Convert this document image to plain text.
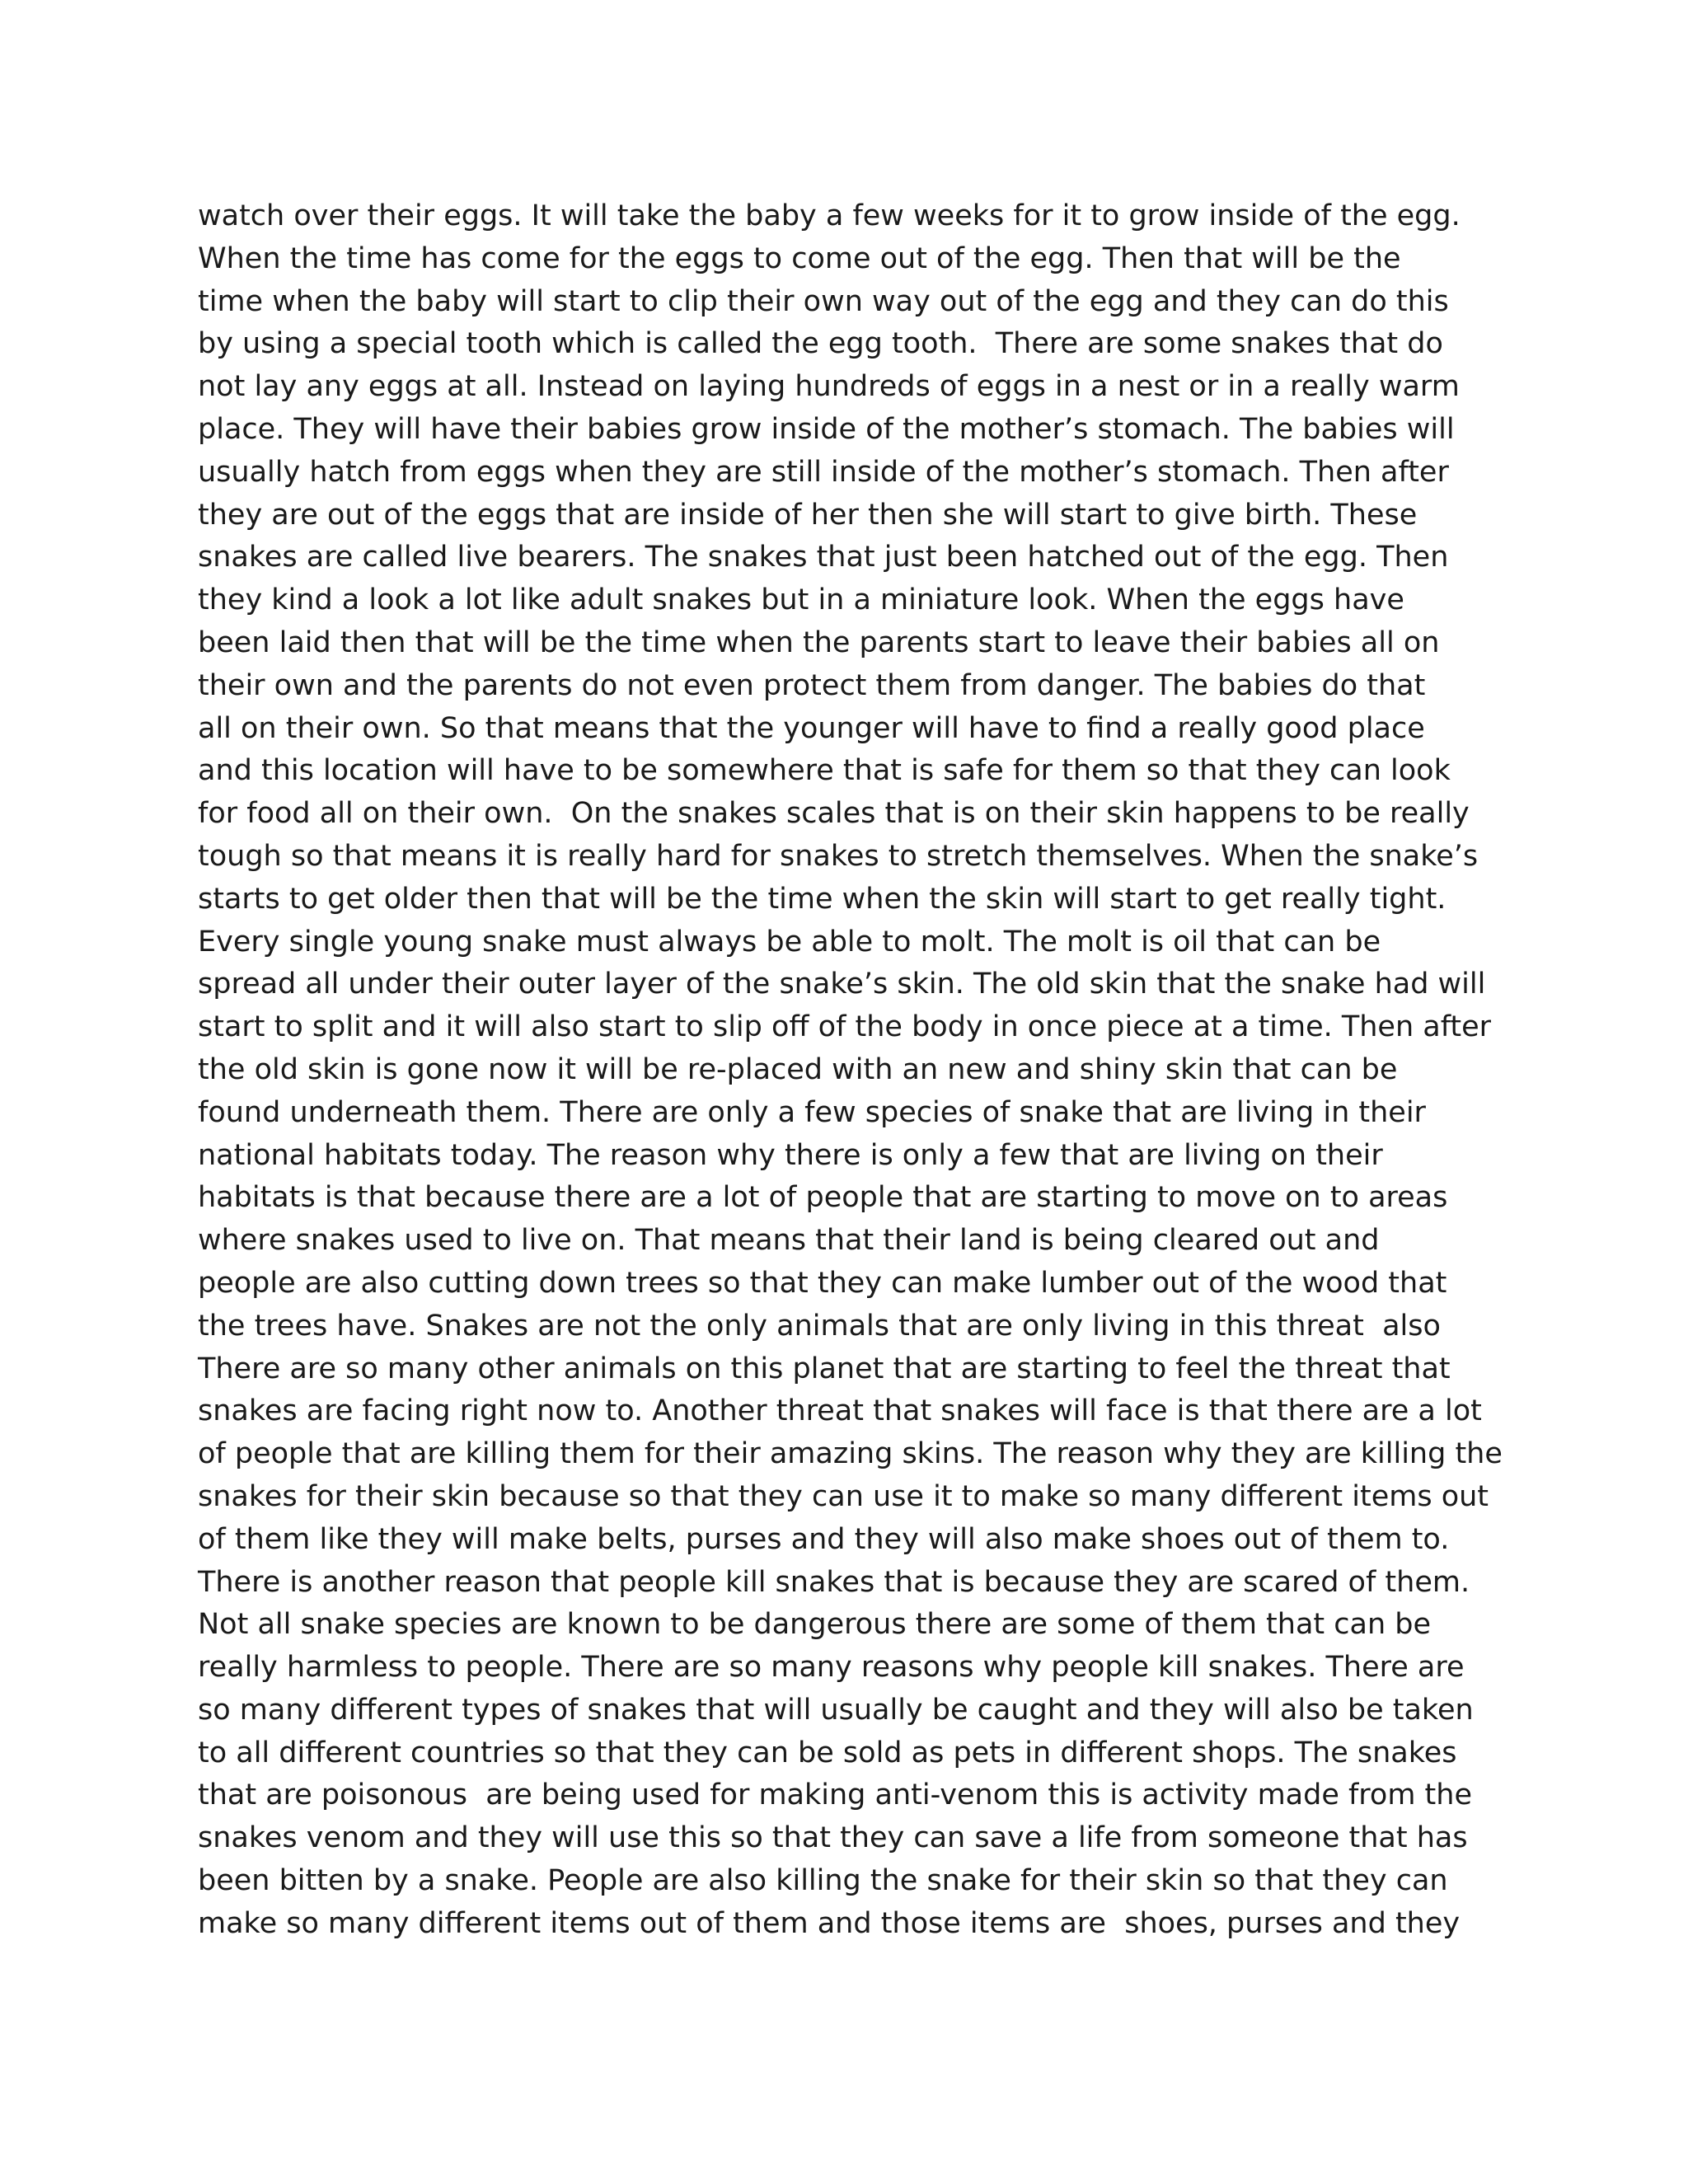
watch over their eggs. It will take the baby a few weeks for it to grow inside of the egg.
When the time has come for the eggs to come out of the egg. Then that will be the
time when the baby will start to clip their own way out of the egg and they can do this
by using a special tooth which is called the egg tooth.  There are some snakes that do
not lay any eggs at all. Instead on laying hundreds of eggs in a nest or in a really warm
place. They will have their babies grow inside of the mother’s stomach. The babies will
usually hatch from eggs when they are still inside of the mother’s stomach. Then after
they are out of the eggs that are inside of her then she will start to give birth. These
snakes are called live bearers. The snakes that just been hatched out of the egg. Then
they kind a look a lot like adult snakes but in a miniature look. When the eggs have
been laid then that will be the time when the parents start to leave their babies all on
their own and the parents do not even protect them from danger. The babies do that
all on their own. So that means that the younger will have to find a really good place
and this location will have to be somewhere that is safe for them so that they can look
for food all on their own.  On the snakes scales that is on their skin happens to be really
tough so that means it is really hard for snakes to stretch themselves. When the snake’s
starts to get older then that will be the time when the skin will start to get really tight.
Every single young snake must always be able to molt. The molt is oil that can be
spread all under their outer layer of the snake’s skin. The old skin that the snake had will
start to split and it will also start to slip off of the body in once piece at a time. Then after
the old skin is gone now it will be re-placed with an new and shiny skin that can be
found underneath them. There are only a few species of snake that are living in their
national habitats today. The reason why there is only a few that are living on their
habitats is that because there are a lot of people that are starting to move on to areas
where snakes used to live on. That means that their land is being cleared out and
people are also cutting down trees so that they can make lumber out of the wood that
the trees have. Snakes are not the only animals that are only living in this threat  also
There are so many other animals on this planet that are starting to feel the threat that
snakes are facing right now to. Another threat that snakes will face is that there are a lot
of people that are killing them for their amazing skins. The reason why they are killing the
snakes for their skin because so that they can use it to make so many different items out
of them like they will make belts, purses and they will also make shoes out of them to.
There is another reason that people kill snakes that is because they are scared of them.
Not all snake species are known to be dangerous there are some of them that can be
really harmless to people. There are so many reasons why people kill snakes. There are
so many different types of snakes that will usually be caught and they will also be taken
to all different countries so that they can be sold as pets in different shops. The snakes
that are poisonous  are being used for making anti-venom this is activity made from the
snakes venom and they will use this so that they can save a life from someone that has
been bitten by a snake. People are also killing the snake for their skin so that they can
make so many different items out of them and those items are  shoes, purses and they
